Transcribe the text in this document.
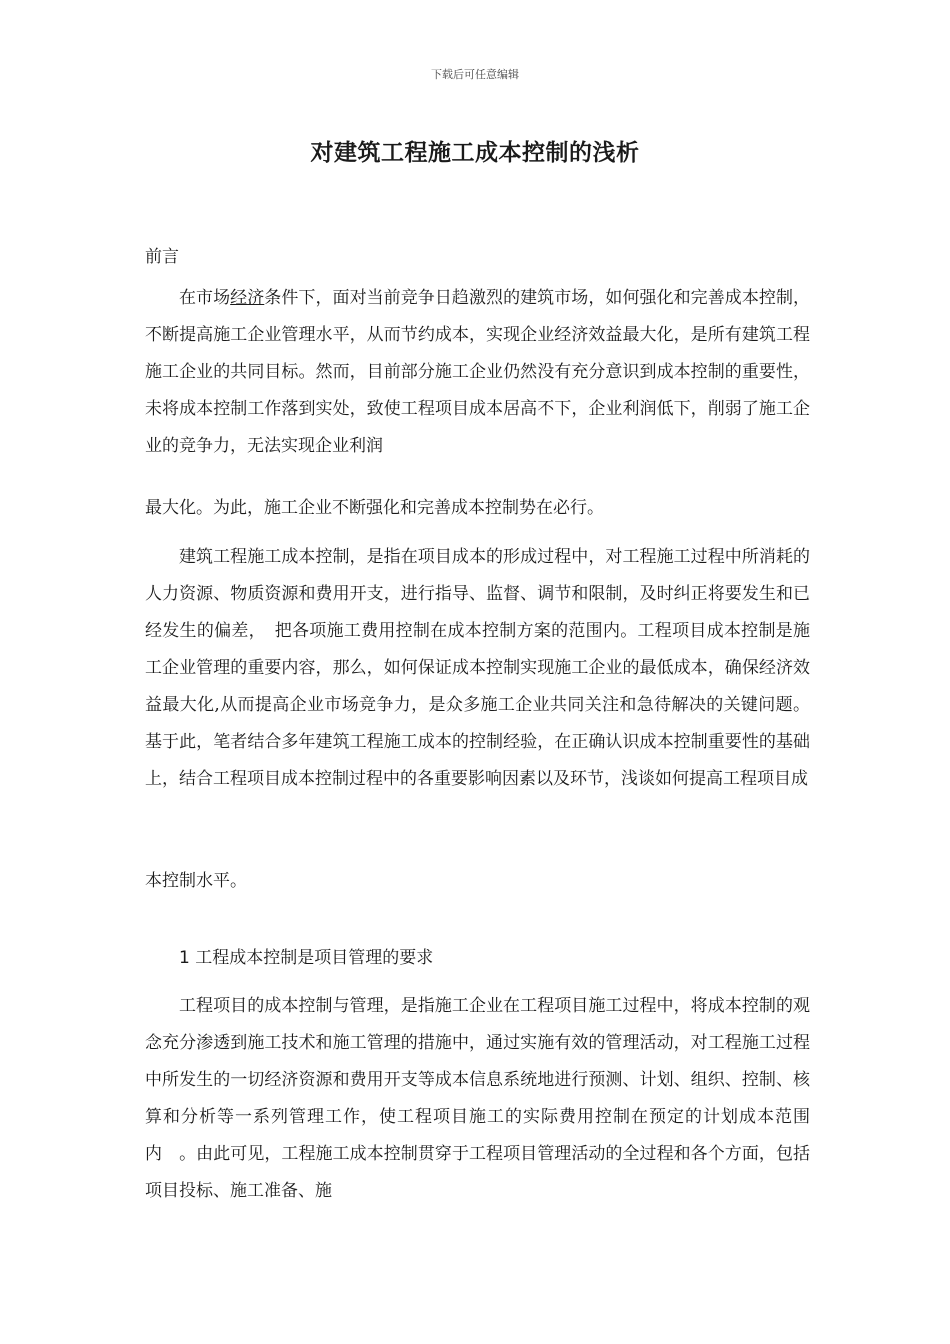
下载后可任意编辑
对建筑工程施工成本控制的浅析
前言

在市场经济条件下，面对当前竞争日趋激烈的建筑市场，如何强化和完善成本控制，不断提高施工企业管理水平，从而节约成本，实现企业经济效益最大化，是所有建筑工程施工企业的共同目标。然而，目前部分施工企业仍然没有充分意识到成本控制的重要性，未将成本控制工作落到实处，致使工程项目成本居高不下，企业利润低下，削弱了施工企业的竞争力，无法实现企业利润

最大化。为此，施工企业不断强化和完善成本控制势在必行。

建筑工程施工成本控制，是指在项目成本的形成过程中，对工程施工过程中所消耗的人力资源、物质资源和费用开支，进行指导、监督、调节和限制，及时纠正将要发生和已经发生的偏差，　把各项施工费用控制在成本控制方案的范围内。工程项目成本控制是施工企业管理的重要内容，那么，如何保证成本控制实现施工企业的最低成本，确保经济效益最大化,从而提高企业市场竞争力，是众多施工企业共同关注和急待解决的关键问题。基于此，笔者结合多年建筑工程施工成本的控制经验，在正确认识成本控制重要性的基础上，结合工程项目成本控制过程中的各重要影响因素以及环节，浅谈如何提高工程项目成

本控制水平。
1 工程成本控制是项目管理的要求

工程项目的成本控制与管理，是指施工企业在工程项目施工过程中，将成本控制的观念充分渗透到施工技术和施工管理的措施中，通过实施有效的管理活动，对工程施工过程中所发生的一切经济资源和费用开支等成本信息系统地进行预测、计划、组织、控制、核算和分析等一系列管理工作，使工程项目施工的实际费用控制在预定的计划成本范围内　。由此可见，工程施工成本控制贯穿于工程项目管理活动的全过程和各个方面，包括项目投标、施工准备、施
